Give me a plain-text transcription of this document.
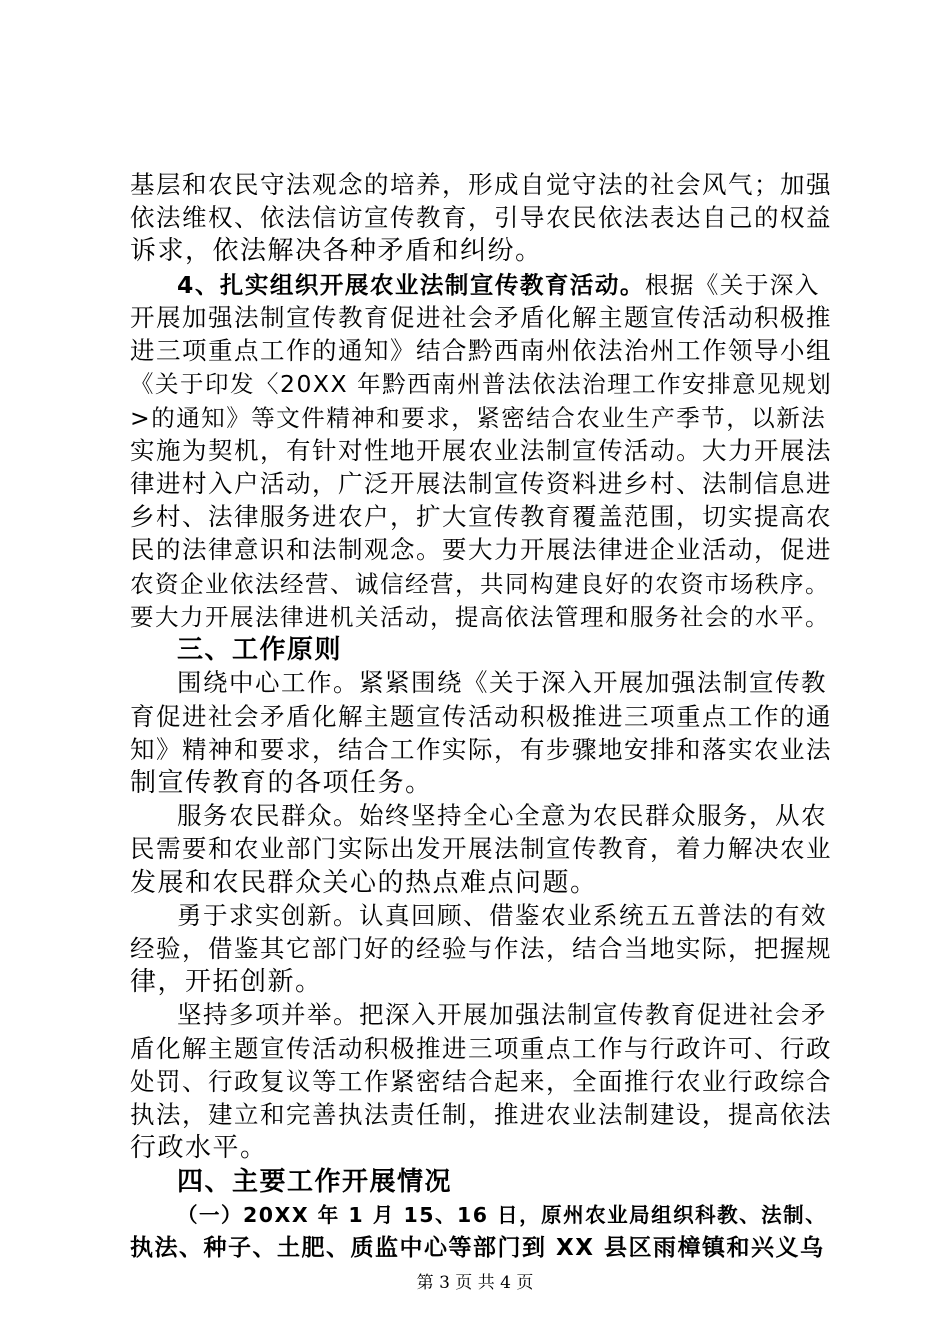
基层和农民守法观念的培养，形成自觉守法的社会风气；加强
依法维权、依法信访宣传教育，引导农民依法表达自己的权益
诉求，依法解决各种矛盾和纠纷。
4、扎实组织开展农业法制宣传教育活动。根据《关于深入
开展加强法制宣传教育促进社会矛盾化解主题宣传活动积极推
进三项重点工作的通知》结合黔西南州依法治州工作领导小组
《关于印发〈20XX 年黔西南州普法依法治理工作安排意见规划
>的通知》等文件精神和要求，紧密结合农业生产季节，以新法
实施为契机，有针对性地开展农业法制宣传活动。大力开展法
律进村入户活动，广泛开展法制宣传资料进乡村、法制信息进
乡村、法律服务进农户，扩大宣传教育覆盖范围，切实提高农
民的法律意识和法制观念。要大力开展法律进企业活动，促进
农资企业依法经营、诚信经营，共同构建良好的农资市场秩序。
要大力开展法律进机关活动，提高依法管理和服务社会的水平。
三、工作原则
围绕中心工作。紧紧围绕《关于深入开展加强法制宣传教
育促进社会矛盾化解主题宣传活动积极推进三项重点工作的通
知》精神和要求，结合工作实际，有步骤地安排和落实农业法
制宣传教育的各项任务。
服务农民群众。始终坚持全心全意为农民群众服务，从农
民需要和农业部门实际出发开展法制宣传教育，着力解决农业
发展和农民群众关心的热点难点问题。
勇于求实创新。认真回顾、借鉴农业系统五五普法的有效
经验，借鉴其它部门好的经验与作法，结合当地实际，把握规
律，开拓创新。
坚持多项并举。把深入开展加强法制宣传教育促进社会矛
盾化解主题宣传活动积极推进三项重点工作与行政许可、行政
处罚、行政复议等工作紧密结合起来，全面推行农业行政综合
执法，建立和完善执法责任制，推进农业法制建设，提高依法
行政水平。
四、主要工作开展情况
（一）20XX 年 1 月 15、16 日，原州农业局组织科教、法制、
执法、种子、土肥、质监中心等部门到 XX 县区雨樟镇和兴义乌
第 3 页 共 4 页
